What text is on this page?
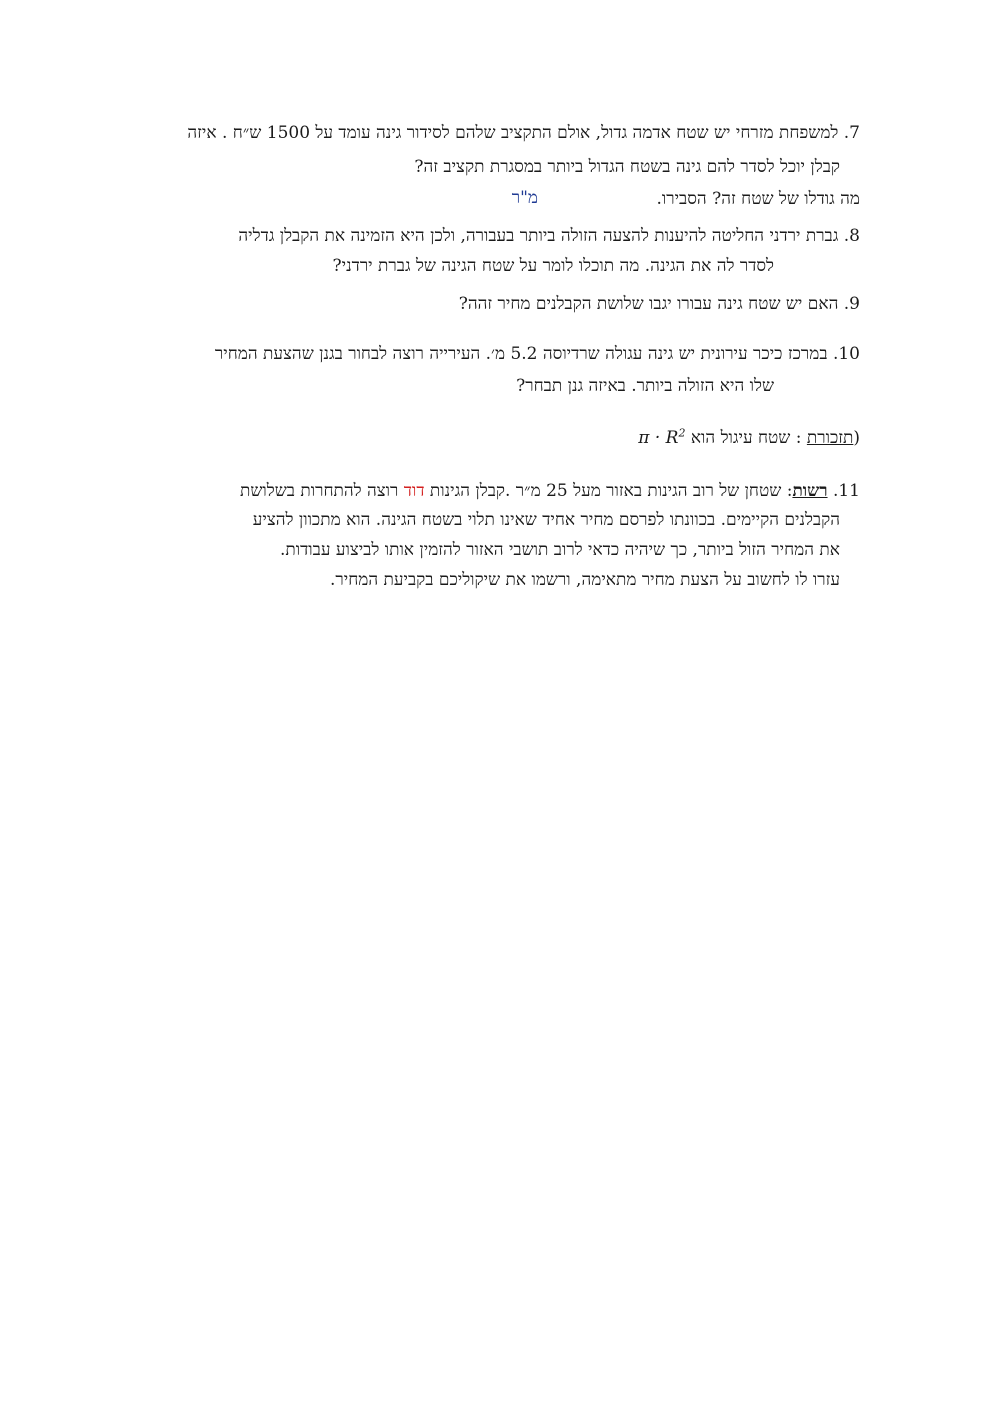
7. למשפחת מזרחי יש שטח אדמה גדול, אולם התקציב שלהם לסידור גינה עומד על 1500 ש״ח . איזה
קבלן יוכל לסדר להם גינה בשטח הגדול ביותר במסגרת תקציב זה?
מה גודלו של שטח זה? הסבירו.
מ"ר
8. גברת ירדני החליטה להיענות להצעה הזולה ביותר בעבורה, ולכן היא הזמינה את הקבלן גדליה
לסדר לה את הגינה. מה תוכלו לומר על שטח הגינה של גברת ירדני?
9. האם יש שטח גינה עבורו יגבו שלושת הקבלנים מחיר זהה?
10. במרכז כיכר עירונית יש גינה עגולה שרדיוסה 5.2 מ׳. העירייה רוצה לבחור בגנן שהצעת המחיר
שלו היא הזולה ביותר. באיזה גנן תבחר?
(תזכורת : שטח עיגול הוא $\pi \cdot R^2$
11. רשות: שטחן של רוב הגינות באזור מעל 25 מ״ר .קבלן הגינות דוד רוצה להתחרות בשלושת
הקבלנים הקיימים. בכוונתו לפרסם מחיר אחיד שאינו תלוי בשטח הגינה. הוא מתכוון להציע
את המחיר הזול ביותר, כך שיהיה כדאי לרוב תושבי האזור להזמין אותו לביצוע עבודות.
עזרו לו לחשוב על הצעת מחיר מתאימה, ורשמו את שיקוליכם בקביעת המחיר.
